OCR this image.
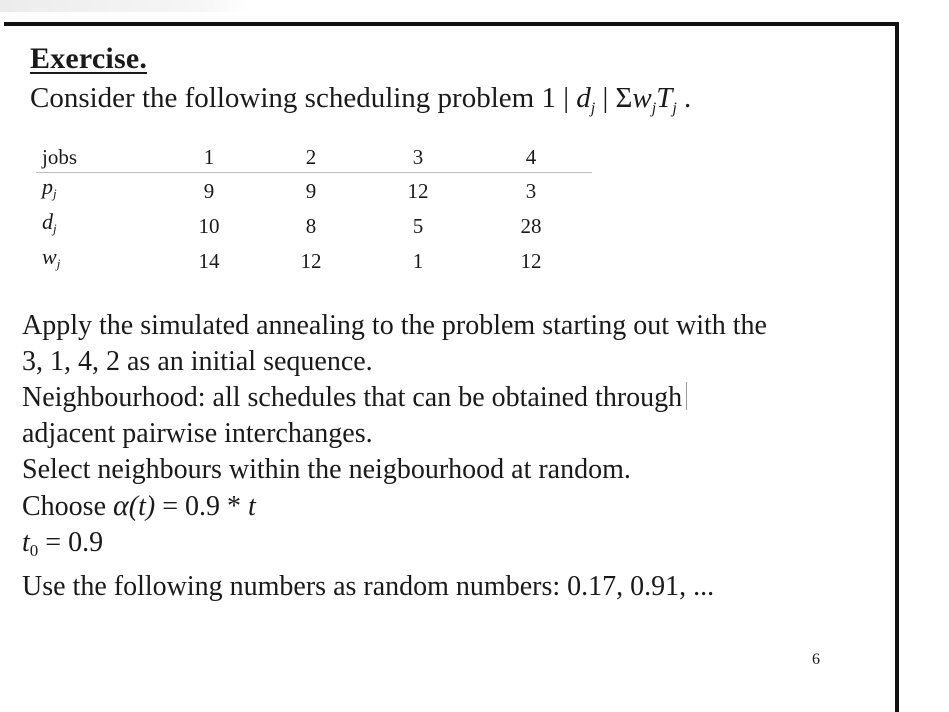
Exercise.
Consider the following scheduling problem 1 | $d_j$ | $\Sigma w_jT_j$ .
jobs	1	2	3	4
$p_j$	9	9	12	3
$d_j$	10	8	5	28
$w_j$	14	12	1	12

Apply the simulated annealing to the problem starting out with the

3, 1, 4, 2 as an initial sequence.

Neighbourhood: all schedules that can be obtained through

adjacent pairwise interchanges.

Select neighbours within the neigbourhood at random.

Choose α(t) = 0.9 * t

$t_0 = 0.9$

Use the following numbers as random numbers: 0.17, 0.91, ...

6
